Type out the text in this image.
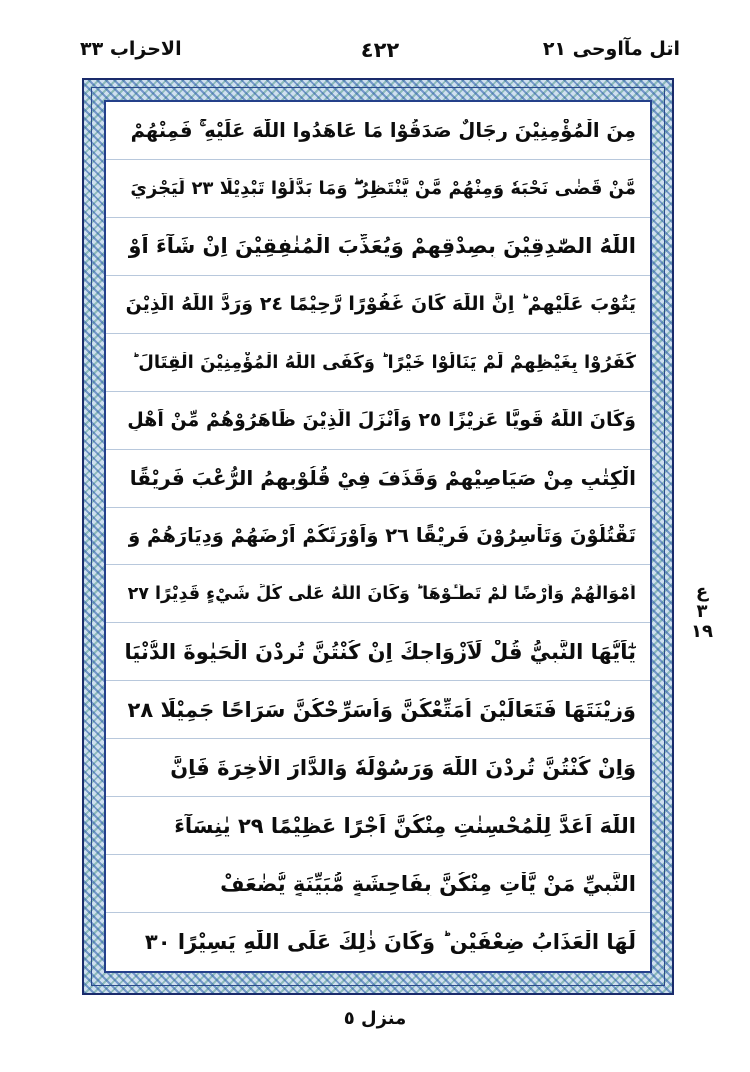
الاحزاب ٣٣	٤٢٢	اتل مآاوحی ٢١
مِنَ الْمُؤْمِنِيْنَ رِجَالٌ صَدَقُوْا مَا عَاهَدُوا اللّٰهَ عَلَيْهِ ۚ فَمِنْهُمْ
مَّنْ قَضٰى نَحْبَهٗ وَمِنْهُمْ مَّنْ يَّنْتَظِرُ ۖ وَمَا بَدَّلُوْا تَبْدِيْلًا ٢٣ لِّيَجْزِيَ
اللّٰهُ الصّٰدِقِيْنَ بِصِدْقِهِمْ وَيُعَذِّبَ الْمُنٰفِقِيْنَ اِنْ شَآءَ اَوْ
يَتُوْبَ عَلَيْهِمْ ؕ اِنَّ اللّٰهَ كَانَ غَفُوْرًا رَّحِيْمًا ٢٤ وَرَدَّ اللّٰهُ الَّذِيْنَ
كَفَرُوْا بِغَيْظِهِمْ لَمْ يَنَالُوْا خَيْرًا ؕ وَكَفَى اللّٰهُ الْمُؤْمِنِيْنَ الْقِتَالَ ؕ
وَكَانَ اللّٰهُ قَوِيًّا عَزِيْزًا ٢٥ وَاَنْزَلَ الَّذِيْنَ ظَاهَرُوْهُمْ مِّنْ اَهْلِ
الْكِتٰبِ مِنْ صَيَاصِيْهِمْ وَقَذَفَ فِيْ قُلُوْبِهِمُ الرُّعْبَ فَرِيْقًا
تَقْتُلُوْنَ وَتَاْسِرُوْنَ فَرِيْقًا ٢٦ وَاَوْرَثَكُمْ اَرْضَهُمْ وَدِيَارَهُمْ وَ
اَمْوَالَهُمْ وَاَرْضًا لَّمْ تَطَـُٔوْهَا ؕ وَكَانَ اللّٰهُ عَلٰى كُلِّ شَيْءٍ قَدِيْرًا ٢٧
يٰٓاَيُّهَا النَّبِيُّ قُلْ لِّاَزْوَاجِكَ اِنْ كُنْتُنَّ تُرِدْنَ الْحَيٰوةَ الدُّنْيَا
وَزِيْنَتَهَا فَتَعَالَيْنَ اُمَتِّعْكُنَّ وَاُسَرِّحْكُنَّ سَرَاحًا جَمِيْلًا ٢٨
وَاِنْ كُنْتُنَّ تُرِدْنَ اللّٰهَ وَرَسُوْلَهٗ وَالدَّارَ الْاٰخِرَةَ فَاِنَّ
اللّٰهَ اَعَدَّ لِلْمُحْسِنٰتِ مِنْكُنَّ اَجْرًا عَظِيْمًا ٢٩ يٰنِسَآءَ
النَّبِيِّ مَنْ يَّاْتِ مِنْكُنَّ بِفَاحِشَةٍ مُّبَيِّنَةٍ يُّضٰعَفْ
لَهَا الْعَذَابُ ضِعْفَيْنِ ؕ وَكَانَ ذٰلِكَ عَلَى اللّٰهِ يَسِيْرًا ٣٠
ع
٣
١٩
منزل ٥
